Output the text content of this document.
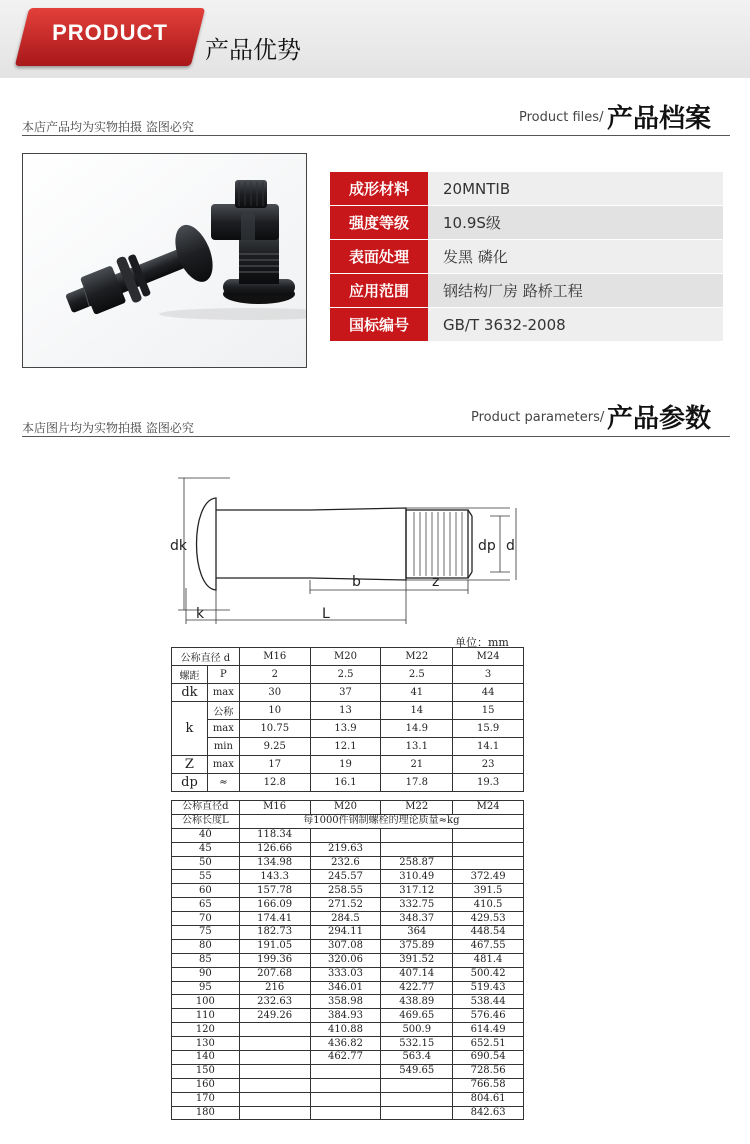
PRODUCT
产品优势
本店产品均为实物拍摄 盗图必究
Product files/ 产品档案
成形材料	20MNTIB
强度等级	10.9S级
表面处理	发黑 磷化
应用范围	钢结构厂房 路桥工程
国标编号	GB/T 3632-2008
本店图片均为实物拍摄 盗图必究
Product parameters/ 产品参数
dk	dp d
b	z
k	L
单位：mm
公称直径 d		M16	M20	M22	M24
螺距	P	2	2.5	2.5	3
dk	max	30	37	41	44
k	公称	10	13	14	15
	max	10.75	13.9	14.9	15.9
	min	9.25	12.1	13.1	14.1
Z	max	17	19	21	23
dp	≈	12.8	16.1	17.8	19.3
公称直径d	M16	M20	M22	M24
公称长度L	每1000件钢制螺栓的理论质量≈kg			
40	118.34			
45	126.66	219.63		
50	134.98	232.6	258.87	
55	143.3	245.57	310.49	372.49
60	157.78	258.55	317.12	391.5
65	166.09	271.52	332.75	410.5
70	174.41	284.5	348.37	429.53
75	182.73	294.11	364	448.54
80	191.05	307.08	375.89	467.55
85	199.36	320.06	391.52	481.4
90	207.68	333.03	407.14	500.42
95	216	346.01	422.77	519.43
100	232.63	358.98	438.89	538.44
110	249.26	384.93	469.65	576.46
120		410.88	500.9	614.49
130		436.82	532.15	652.51
140		462.77	563.4	690.54
150			549.65	728.56
160				766.58
170				804.61
180				842.63
